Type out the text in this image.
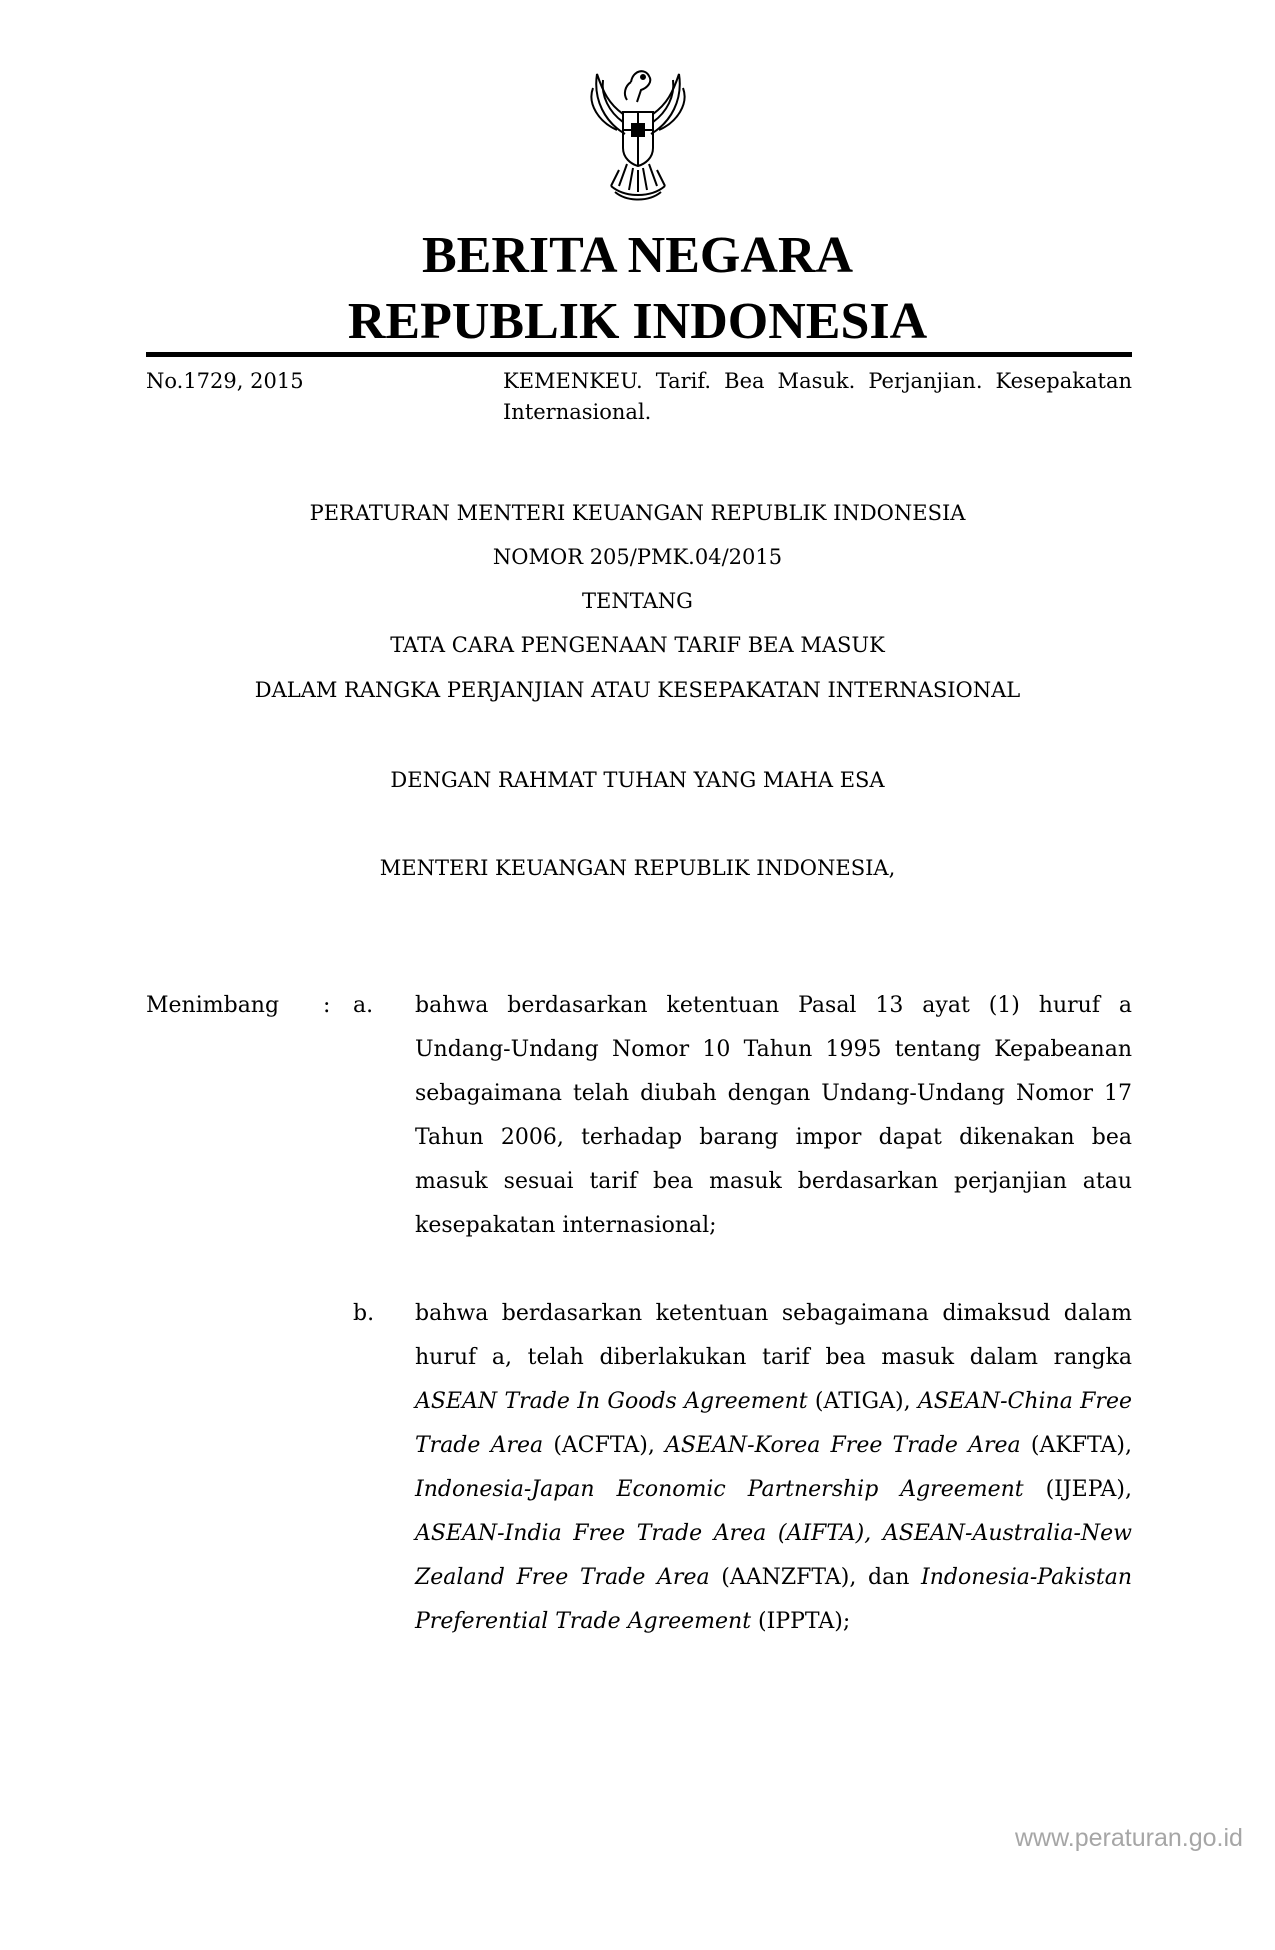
BERITA NEGARA
REPUBLIK INDONESIA
No.1729, 2015	KEMENKEU. Tarif. Bea Masuk. Perjanjian. Kesepakatan Internasional.
PERATURAN MENTERI KEUANGAN REPUBLIK INDONESIA
NOMOR 205/PMK.04/2015
TENTANG
TATA CARA PENGENAAN TARIF BEA MASUK
DALAM RANGKA PERJANJIAN ATAU KESEPAKATAN INTERNASIONAL
DENGAN RAHMAT TUHAN YANG MAHA ESA
MENTERI KEUANGAN REPUBLIK INDONESIA,
Menimbang : a. bahwa berdasarkan ketentuan Pasal 13 ayat (1) huruf a Undang-Undang Nomor 10 Tahun 1995 tentang Kepabeanan sebagaimana telah diubah dengan Undang-Undang Nomor 17 Tahun 2006, terhadap barang impor dapat dikenakan bea masuk sesuai tarif bea masuk berdasarkan perjanjian atau kesepakatan internasional;
b. bahwa berdasarkan ketentuan sebagaimana dimaksud dalam huruf a, telah diberlakukan tarif bea masuk dalam rangka ASEAN Trade In Goods Agreement (ATIGA), ASEAN-China Free Trade Area (ACFTA), ASEAN-Korea Free Trade Area (AKFTA), Indonesia-Japan Economic Partnership Agreement (IJEPA), ASEAN-India Free Trade Area (AIFTA), ASEAN-Australia-New Zealand Free Trade Area (AANZFTA), dan Indonesia-Pakistan Preferential Trade Agreement (IPPTA);
www.peraturan.go.id
